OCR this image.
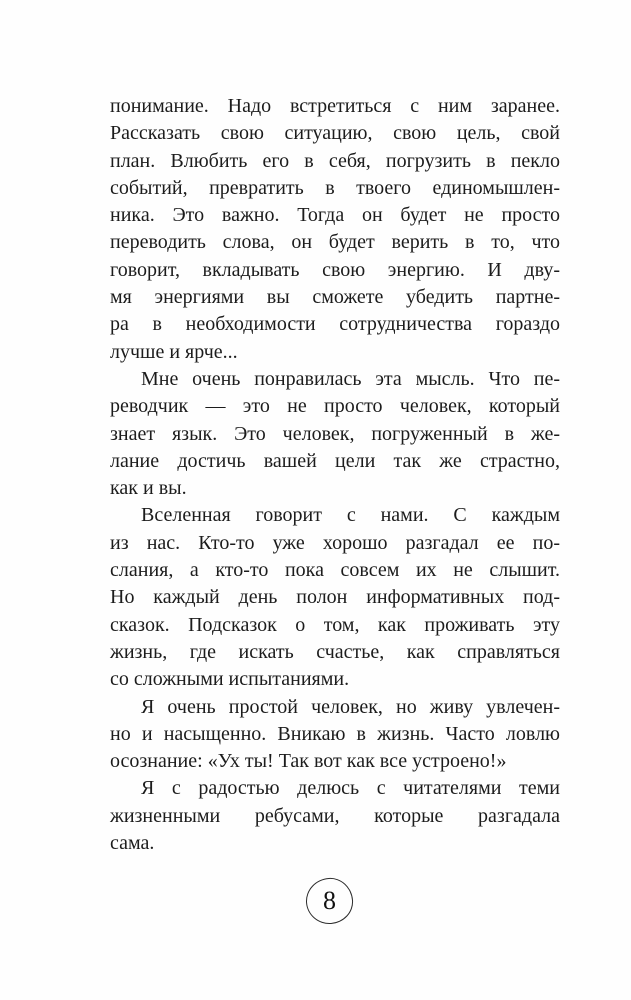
понимание. Надо встретиться с ним заранее.
Рассказать свою ситуацию, свою цель, свой
план. Влюбить его в себя, погрузить в пекло
событий, превратить в твоего единомышлен-
ника. Это важно. Тогда он будет не просто
переводить слова, он будет верить в то, что
говорит, вкладывать свою энергию. И дву-
мя энергиями вы сможете убедить партне-
ра в необходимости сотрудничества гораздо
лучше и ярче...

Мне очень понравилась эта мысль. Что пе-
реводчик — это не просто человек, который
знает язык. Это человек, погруженный в же-
лание достичь вашей цели так же страстно,
как и вы.

Вселенная говорит с нами. С каждым
из нас. Кто-то уже хорошо разгадал ее по-
слания, а кто-то пока совсем их не слышит.
Но каждый день полон информативных под-
сказок. Подсказок о том, как проживать эту
жизнь, где искать счастье, как справляться
со сложными испытаниями.

Я очень простой человек, но живу увлечен-
но и насыщенно. Вникаю в жизнь. Часто ловлю
осознание: «Ух ты! Так вот как все устроено!»

Я с радостью делюсь с читателями теми
жизненными ребусами, которые разгадала
сама.

8
